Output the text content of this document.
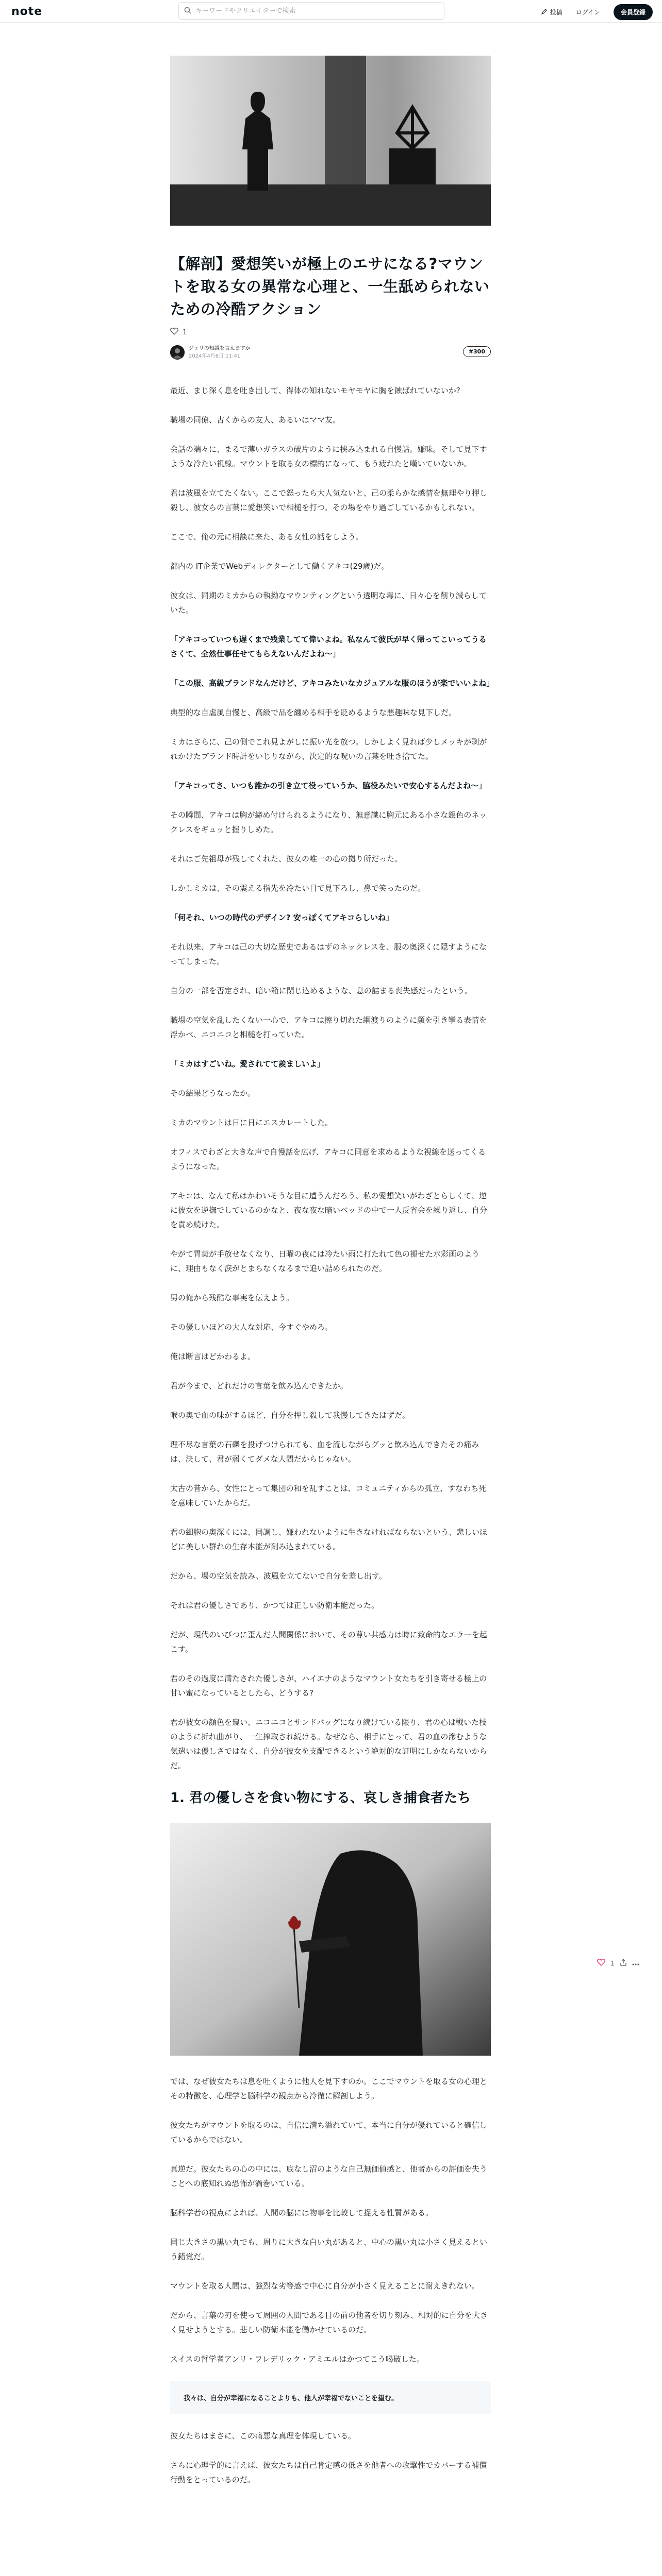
note
キーワードやクリエイターで検索	投稿 ログイン	会員登録
【解剖】愛想笑いが極上のエサになる?マウントを取る女の異常な心理と、一生舐められないための冷酷アクション
1
ジュリの知識を言えますか
2024年4月6日 11:41
#300
最近、まじ深く息を吐き出して、得体の知れないモヤモヤに胸を蝕ばれていないか?
職場の同僚、古くからの友人、あるいはママ友。
会話の端々に、まるで薄いガラスの破片のように挟み込まれる自慢話。嫌味。そして見下すような冷たい視線。マウントを取る女の標的になって、もう疲れたと嘆いていないか。
君は波風を立てたくない。ここで怒ったら大人気ないと、己の柔らかな感情を無理やり押し殺し、彼女らの言葉に愛想笑いで相槌を打つ。その場をやり過ごしているかもしれない。
ここで、俺の元に相談に来た、ある女性の話をしよう。
都内の IT企業でWebディレクターとして働くアキコ(29歳)だ。
彼女は、同期のミカからの執拗なマウンティングという透明な毒に、日々心を削り減らしていた。
「アキコっていつも遅くまで残業してて偉いよね。私なんて彼氏が早く帰ってこいってうるさくて、全然仕事任せてもらえないんだよね〜」
「この服、高級ブランドなんだけど、アキコみたいなカジュアルな服のほうが楽でいいよね」
典型的な自虐風自慢と、高級で品を纏める相手を貶めるような悪趣味な見下しだ。
ミカはさらに、己の側でこれ見よがしに振い光を放つ。しかしよく見れば少しメッキが剥がれかけたブランド時計をいじりながら、決定的な呪いの言葉を吐き捨てた。
「アキコってさ、いつも誰かの引き立て役っていうか、脇役みたいで安心するんだよね〜」
その瞬間、アキコは胸が締め付けられるようになり、無意識に胸元にある小さな銀色のネックレスをギュッと握りしめた。
それはご先祖母が残してくれた、彼女の唯一の心の拠り所だった。
しかしミカは、その震える指先を冷たい目で見下ろし、鼻で笑ったのだ。
「何それ、いつの時代のデザイン? 安っぽくてアキコらしいね」
それ以来、アキコは己の大切な歴史であるはずのネックレスを、服の奥深くに隠すようになってしまった。
自分の一部を否定され、暗い箱に閉じ込めるような、息の詰まる喪失感だったという。
職場の空気を乱したくない一心で、アキコは擦り切れた綱渡りのように顔を引き攣る表情を浮かべ、ニコニコと相槌を打っていた。
「ミカはすごいね。愛されてて羨ましいよ」
その結果どうなったか。
ミカのマウントは日に日にエスカレートした。
オフィスでわざと大きな声で自慢話を広げ、アキコに同意を求めるような視線を送ってくるようになった。
アキコは、なんて私はかわいそうな目に遭うんだろう、私の愛想笑いがわざとらしくて、逆に彼女を逆撫でしているのかなと、夜な夜な暗いベッドの中で一人反省会を繰り返し、自分を責め続けた。
やがて胃薬が手放せなくなり、日曜の夜には冷たい雨に打たれて色の褪せた水彩画のように、理由もなく涙がとまらなくなるまで追い詰められたのだ。
男の俺から残酷な事実を伝えよう。
その優しいほどの大人な対応、今すぐやめろ。
俺は断言はどかわるよ。
君が今まで、どれだけの言葉を飲み込んできたか。
喉の奥で血の味がするほど、自分を押し殺して我慢してきたはずだ。
理不尽な言葉の石礫を投げつけられても、血を流しながらグッと飲み込んできたその痛みは、決して、君が弱くてダメな人間だからじゃない。
太古の昔から、女性にとって集団の和を乱すことは、コミュニティからの孤立、すなわち死を意味していたからだ。
君の細胞の奥深くには、同調し、嫌われないように生きなければならないという、悲しいほどに美しい群れの生存本能が刻み込まれている。
だから、場の空気を読み、波風を立てないで自分を差し出す。
それは君の優しさであり、かつては正しい防衛本能だった。
だが、現代のいびつに歪んだ人間関係において、その尊い共感力は時に致命的なエラーを起こす。
君のその過度に満たされた優しさが、ハイエナのようなマウント女たちを引き寄せる極上の甘い蜜になっているとしたら、どうする?
君が彼女の顔色を窺い、ニコニコとサンドバッグになり続けている限り、君の心は戦いた枝のように折れ曲がり、一生搾取され続ける。なぜなら、相手にとって、君の血の滲むような気遣いは優しさではなく、自分が彼女を支配できるという絶対的な証明にしかならないからだ。
1. 君の優しさを食い物にする、哀しき捕食者たち
では、なぜ彼女たちは息を吐くように他人を見下すのか。ここでマウントを取る女の心理とその特徴を、心理学と脳科学の観点から冷徹に解剖しよう。
彼女たちがマウントを取るのは、自信に満ち溢れていて、本当に自分が優れていると確信しているからではない。
真逆だ。彼女たちの心の中には、底なし沼のような自己無価値感と、他者からの評価を失うことへの底知れぬ恐怖が渦巻いている。
脳科学者の視点によれば、人間の脳には物事を比較して捉える性質がある。
同じ大きさの黒い丸でも、周りに大きな白い丸があると、中心の黒い丸は小さく見えるという錯覚だ。
マウントを取る人間は、強烈な劣等感で中心に自分が小さく見えることに耐えきれない。
だから、言葉の刃を使って周囲の人間である目の前の他者を切り刻み、相対的に自分を大きく見せようとする。悲しい防衛本能を働かせているのだ。
スイスの哲学者アンリ・フレデリック・アミエルはかつてこう喝破した。
我々は、自分が幸福になることよりも、他人が幸福でないことを望む。
彼女たちはまさに、この痛悪な真理を体現している。
さらに心理学的に言えば、彼女たちは自己肯定感の低さを他者への攻撃性でカバーする補償行動をとっているのだ。
1
